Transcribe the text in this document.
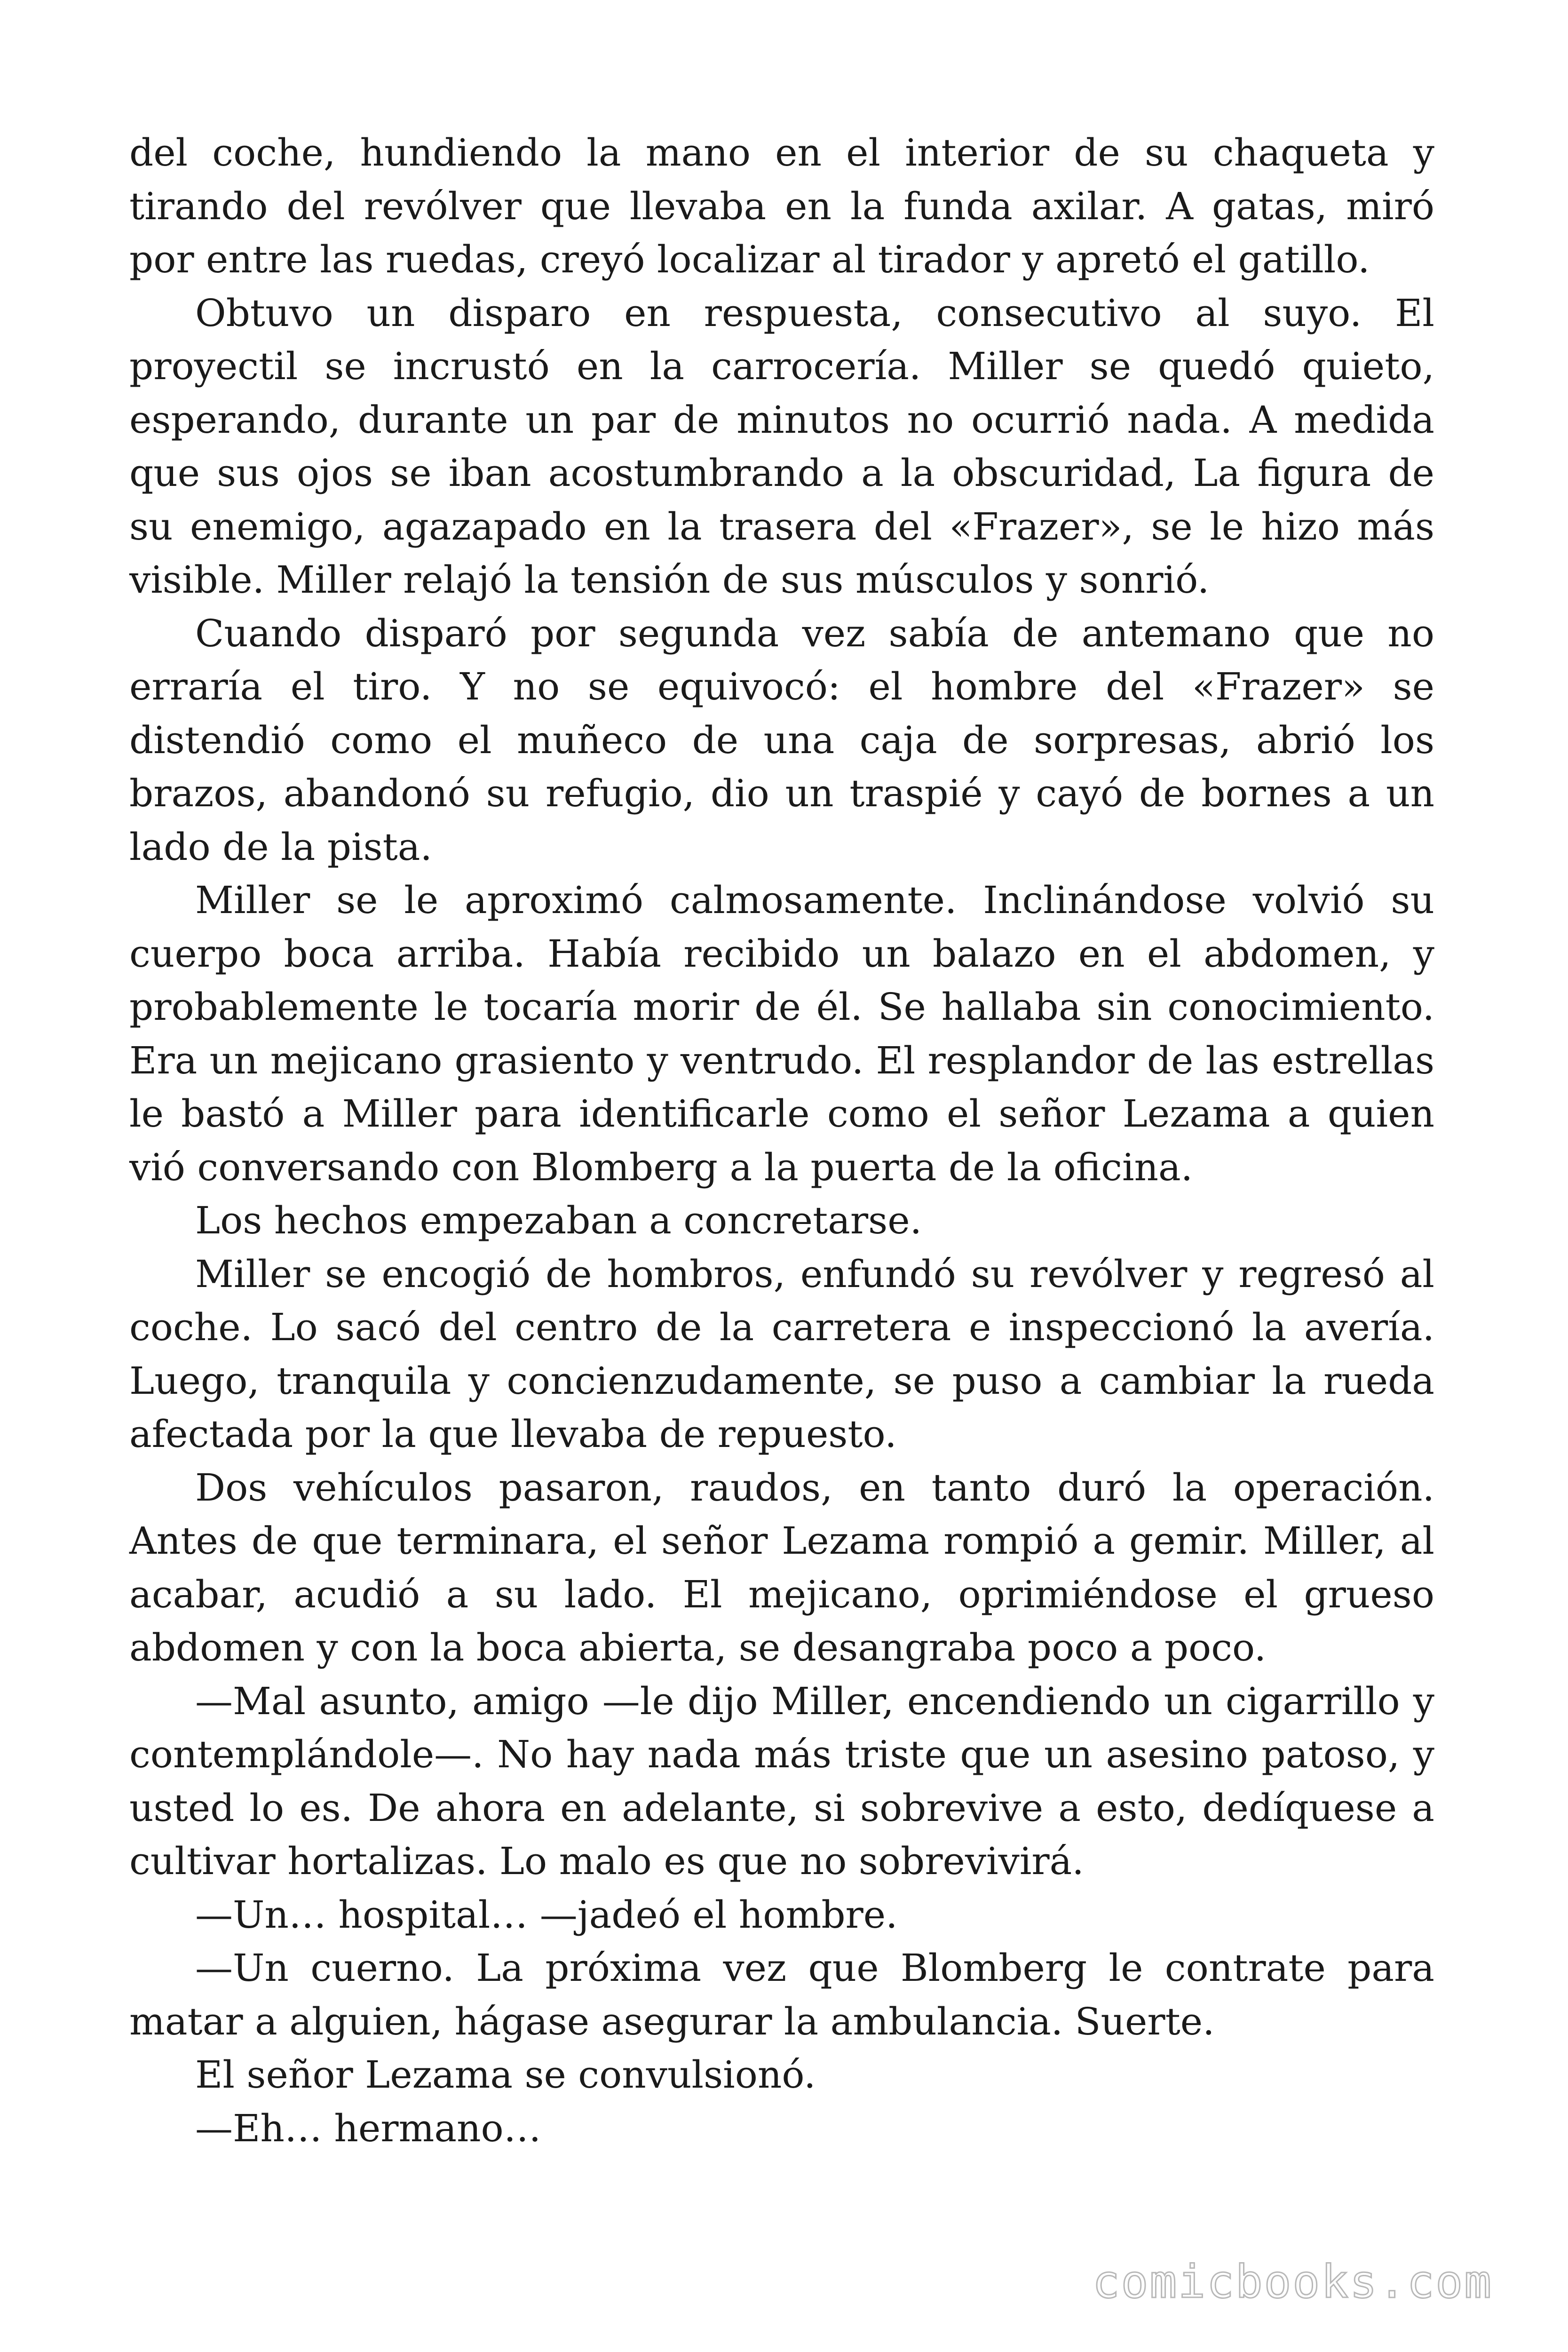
del coche, hundiendo la mano en el interior de su chaqueta y tirando del revólver que llevaba en la funda axilar. A gatas, miró por entre las ruedas, creyó localizar al tirador y apretó el gatillo.

Obtuvo un disparo en respuesta, consecutivo al suyo. El proyectil se incrustó en la carrocería. Miller se quedó quieto, esperando, durante un par de minutos no ocurrió nada. A medida que sus ojos se iban acostumbrando a la obscuridad, La figura de su enemigo, agazapado en la trasera del «Frazer», se le hizo más visible. Miller relajó la tensión de sus músculos y sonrió.

Cuando disparó por segunda vez sabía de antemano que no erraría el tiro. Y no se equivocó: el hombre del «Frazer» se distendió como el muñeco de una caja de sorpresas, abrió los brazos, abandonó su refugio, dio un traspié y cayó de bornes a un lado de la pista.

Miller se le aproximó calmosamente. Inclinándose volvió su cuerpo boca arriba. Había recibido un balazo en el abdomen, y probablemente le tocaría morir de él. Se hallaba sin conocimiento. Era un mejicano grasiento y ventrudo. El resplandor de las estrellas le bastó a Miller para identificarle como el señor Lezama a quien vió conversando con Blomberg a la puerta de la oficina.

Los hechos empezaban a concretarse.

Miller se encogió de hombros, enfundó su revólver y regresó al coche. Lo sacó del centro de la carretera e inspeccionó la avería. Luego, tranquila y concienzudamente, se puso a cambiar la rueda afectada por la que llevaba de repuesto.

Dos vehículos pasaron, raudos, en tanto duró la operación. Antes de que terminara, el señor Lezama rompió a gemir. Miller, al acabar, acudió a su lado. El mejicano, oprimiéndose el grueso abdomen y con la boca abierta, se desangraba poco a poco.

—Mal asunto, amigo —le dijo Miller, encendiendo un cigarrillo y contemplándole—. No hay nada más triste que un asesino patoso, y usted lo es. De ahora en adelante, si sobrevive a esto, dedíquese a cultivar hortalizas. Lo malo es que no sobrevivirá.

—Un… hospital… —jadeó el hombre.

—Un cuerno. La próxima vez que Blomberg le contrate para matar a alguien, hágase asegurar la ambulancia. Suerte.

El señor Lezama se convulsionó.

—Eh… hermano…

comicbooks.com
